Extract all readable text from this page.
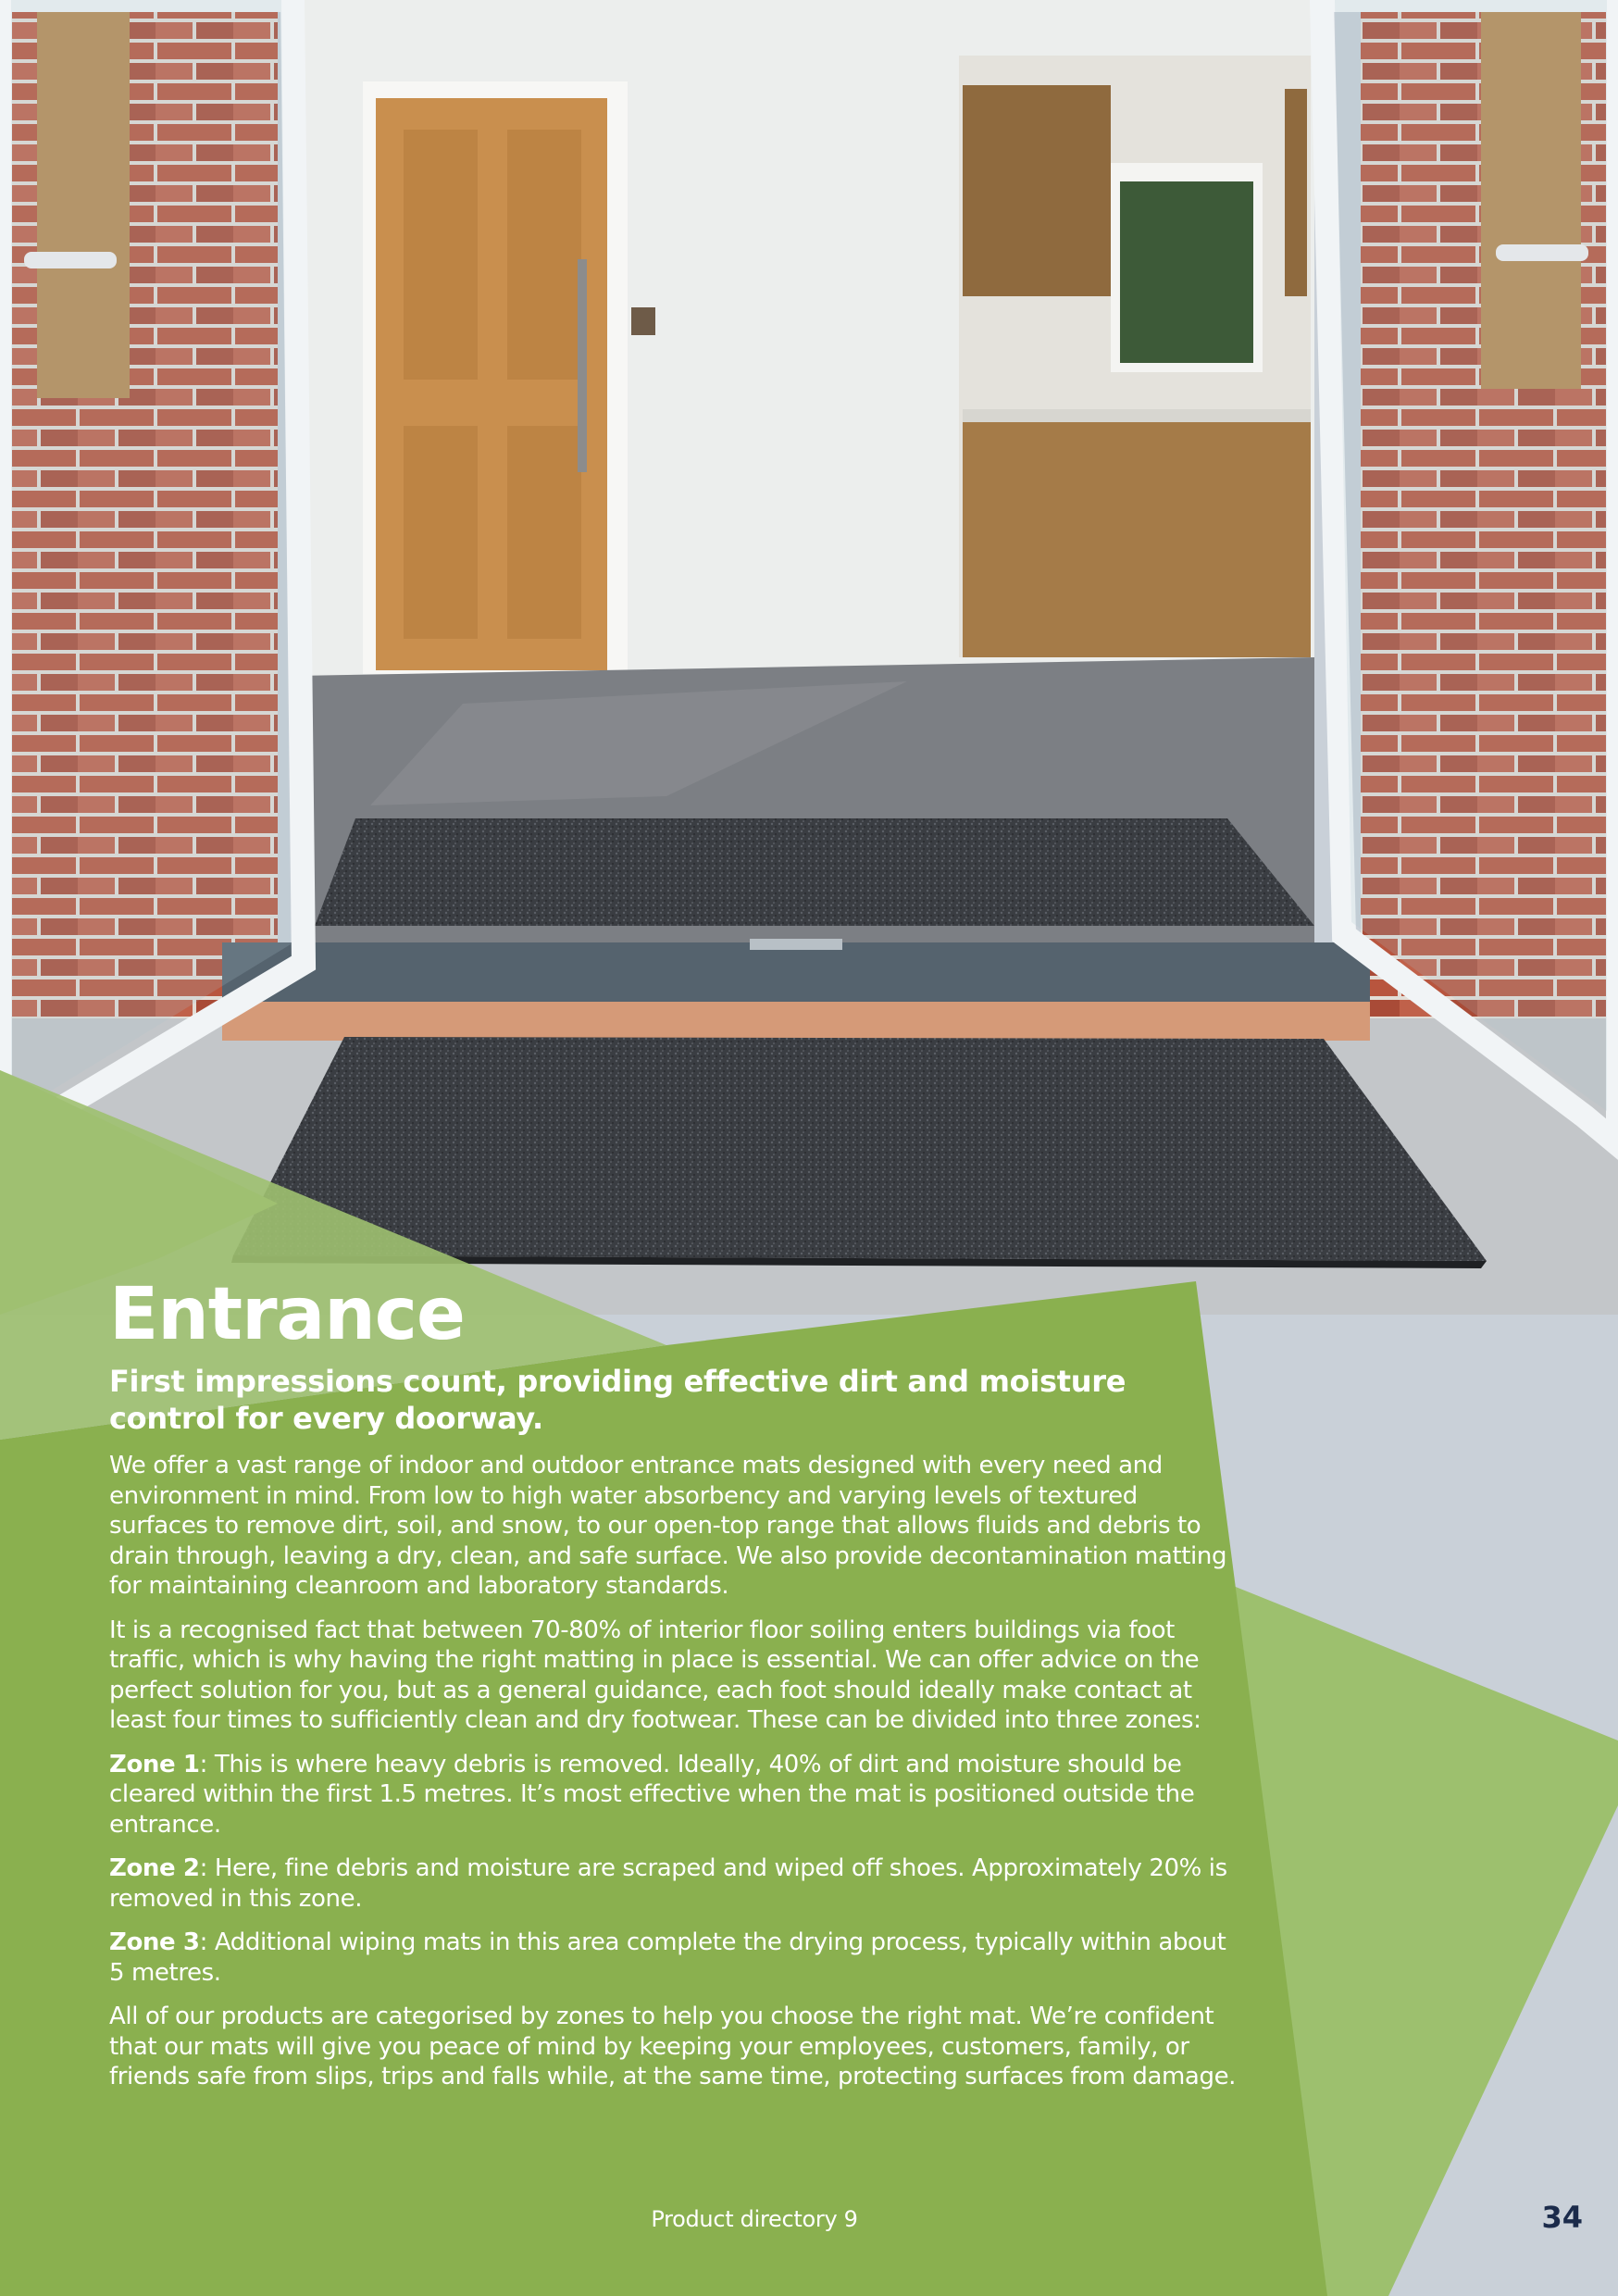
Entrance
First impressions count, providing effective dirt and moisture control for every doorway.

We offer a vast range of indoor and outdoor entrance mats designed with every need and environment in mind. From low to high water absorbency and varying levels of textured surfaces to remove dirt, soil, and snow, to our open-top range that allows fluids and debris to drain through, leaving a dry, clean, and safe surface. We also provide decontamination matting for maintaining cleanroom and laboratory standards.

It is a recognised fact that between 70-80% of interior floor soiling enters buildings via foot traffic, which is why having the right matting in place is essential. We can offer advice on the perfect solution for you, but as a general guidance, each foot should ideally make contact at least four times to sufficiently clean and dry footwear. These can be divided into three zones:

Zone 1: This is where heavy debris is removed. Ideally, 40% of dirt and moisture should be cleared within the first 1.5 metres. It’s most effective when the mat is positioned outside the entrance.

Zone 2: Here, fine debris and moisture are scraped and wiped off shoes. Approximately 20% is removed in this zone.

Zone 3: Additional wiping mats in this area complete the drying process, typically within about 5 metres.

All of our products are categorised by zones to help you choose the right mat. We’re confident that our mats will give you peace of mind by keeping your employees, customers, family, or friends safe from slips, trips and falls while, at the same time, protecting surfaces from damage.

Product directory 9	34
